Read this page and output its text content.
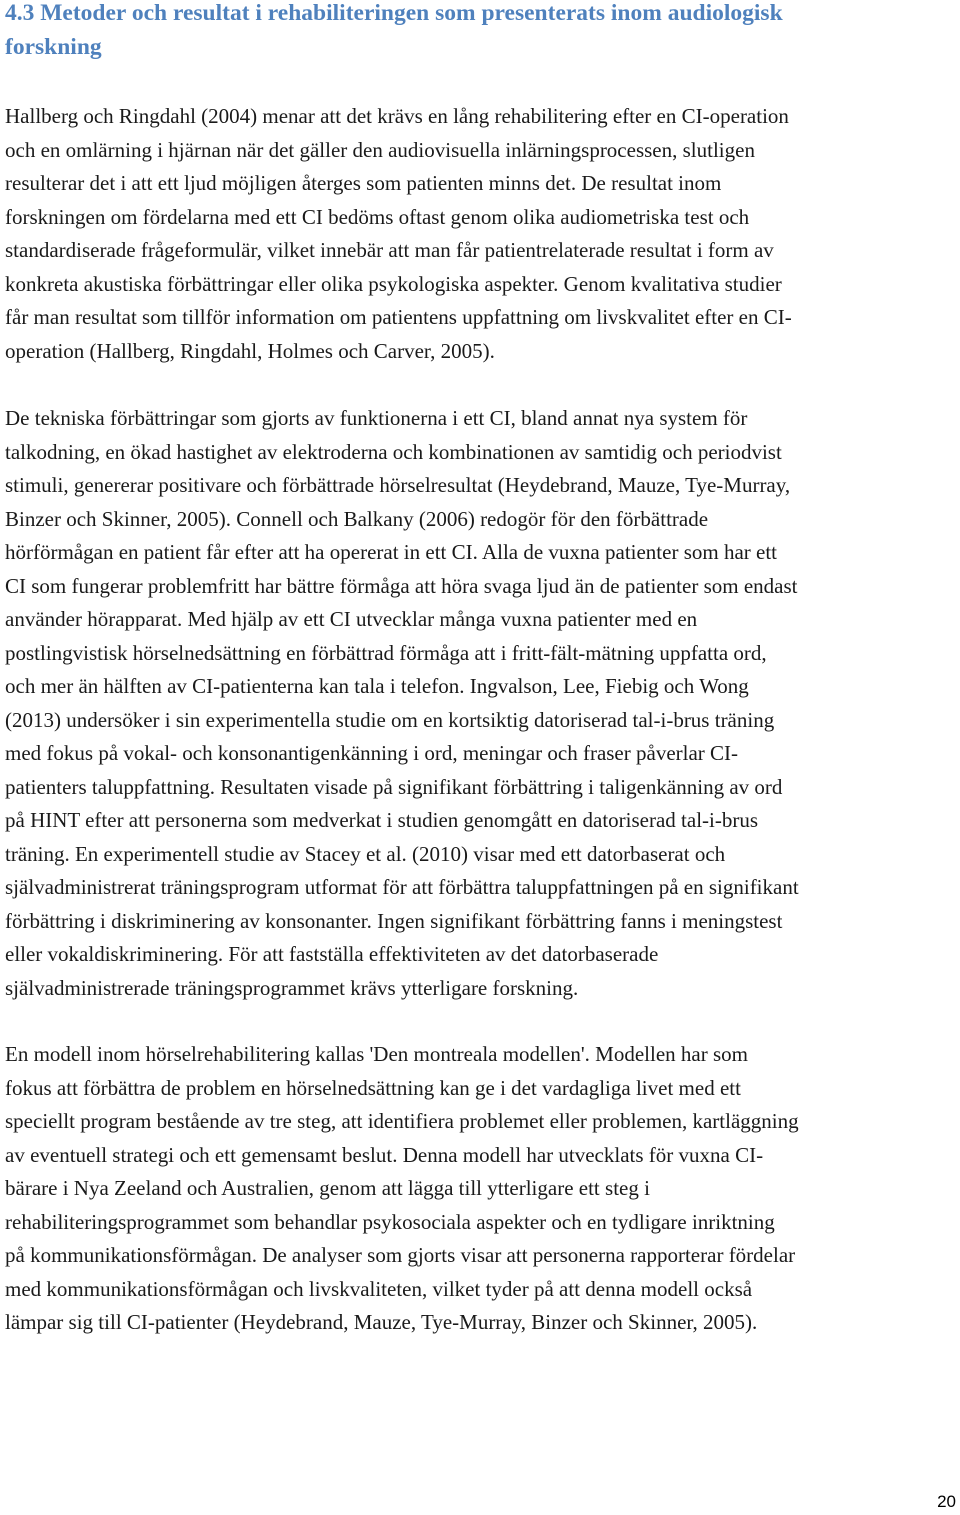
4.3 Metoder och resultat i rehabiliteringen som presenterats inom audiologisk
forskning

Hallberg och Ringdahl (2004) menar att det krävs en lång rehabilitering efter en CI-operation
och en omlärning i hjärnan när det gäller den audiovisuella inlärningsprocessen, slutligen
resulterar det i att ett ljud möjligen återges som patienten minns det. De resultat inom
forskningen om fördelarna med ett CI bedöms oftast genom olika audiometriska test och
standardiserade frågeformulär, vilket innebär att man får patientrelaterade resultat i form av
konkreta akustiska förbättringar eller olika psykologiska aspekter. Genom kvalitativa studier
får man resultat som tillför information om patientens uppfattning om livskvalitet efter en CI-
operation (Hallberg, Ringdahl, Holmes och Carver, 2005).

De tekniska förbättringar som gjorts av funktionerna i ett CI, bland annat nya system för
talkodning, en ökad hastighet av elektroderna och kombinationen av samtidig och periodvist
stimuli, genererar positivare och förbättrade hörselresultat (Heydebrand, Mauze, Tye-Murray,
Binzer och Skinner, 2005). Connell och Balkany (2006) redogör för den förbättrade
hörförmågan en patient får efter att ha opererat in ett CI. Alla de vuxna patienter som har ett
CI som fungerar problemfritt har bättre förmåga att höra svaga ljud än de patienter som endast
använder hörapparat. Med hjälp av ett CI utvecklar många vuxna patienter med en
postlingvistisk hörselnedsättning en förbättrad förmåga att i fritt-fält-mätning uppfatta ord,
och mer än hälften av CI-patienterna kan tala i telefon. Ingvalson, Lee, Fiebig och Wong
(2013) undersöker i sin experimentella studie om en kortsiktig datoriserad tal-i-brus träning
med fokus på vokal- och konsonantigenkänning i ord, meningar och fraser påverlar CI-
patienters taluppfattning. Resultaten visade på signifikant förbättring i taligenkänning av ord
på HINT efter att personerna som medverkat i studien genomgått en datoriserad tal-i-brus
träning. En experimentell studie av Stacey et al. (2010) visar med ett datorbaserat och
självadministrerat träningsprogram utformat för att förbättra taluppfattningen på en signifikant
förbättring i diskriminering av konsonanter. Ingen signifikant förbättring fanns i meningstest
eller vokaldiskriminering. För att fastställa effektiviteten av det datorbaserade
självadministrerade träningsprogrammet krävs ytterligare forskning.

En modell inom hörselrehabilitering kallas 'Den montreala modellen'. Modellen har som
fokus att förbättra de problem en hörselnedsättning kan ge i det vardagliga livet med ett
speciellt program bestående av tre steg, att identifiera problemet eller problemen, kartläggning
av eventuell strategi och ett gemensamt beslut. Denna modell har utvecklats för vuxna CI-
bärare i Nya Zeeland och Australien, genom att lägga till ytterligare ett steg i
rehabiliteringsprogrammet som behandlar psykosociala aspekter och en tydligare inriktning
på kommunikationsförmågan. De analyser som gjorts visar att personerna rapporterar fördelar
med kommunikationsförmågan och livskvaliteten, vilket tyder på att denna modell också
lämpar sig till CI-patienter (Heydebrand, Mauze, Tye-Murray, Binzer och Skinner, 2005).

20
